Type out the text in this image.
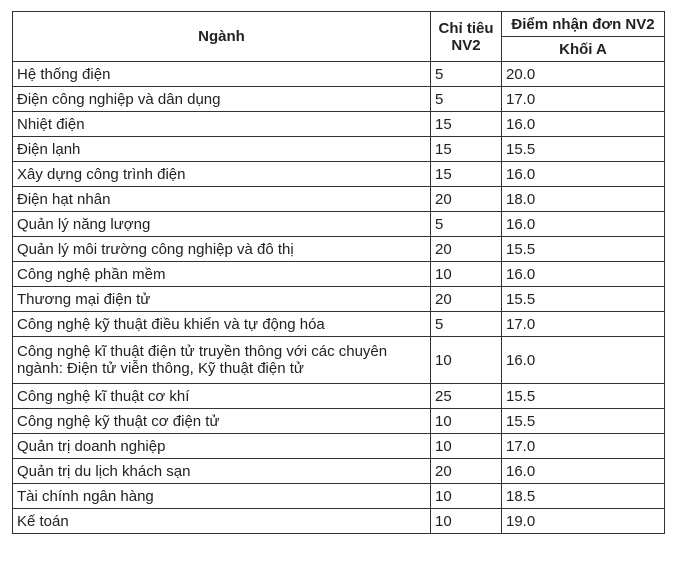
Ngành	Chỉ tiêu NV2	Điểm nhận đơn NV2
		Khối A
Hệ thống điện	5	20.0
Điện công nghiệp và dân dụng	5	17.0
Nhiệt điện	15	16.0
Điện lạnh	15	15.5
Xây dựng công trình điện	15	16.0
Điện hạt nhân	20	18.0
Quản lý năng lượng	5	16.0
Quản lý môi trường công nghiệp và đô thị	20	15.5
Công nghệ phần mềm	10	16.0
Thương mại điện tử	20	15.5
Công nghệ kỹ thuật điều khiển và tự động hóa	5	17.0
Công nghệ kĩ thuật điện tử truyền thông với các chuyên ngành: Điện tử viễn thông, Kỹ thuật điện tử	10	16.0
Công nghệ kĩ thuật cơ khí	25	15.5
Công nghệ kỹ thuật cơ điện tử	10	15.5
Quản trị doanh nghiệp	10	17.0
Quản trị du lịch khách sạn	20	16.0
Tài chính ngân hàng	10	18.5
Kế toán	10	19.0
